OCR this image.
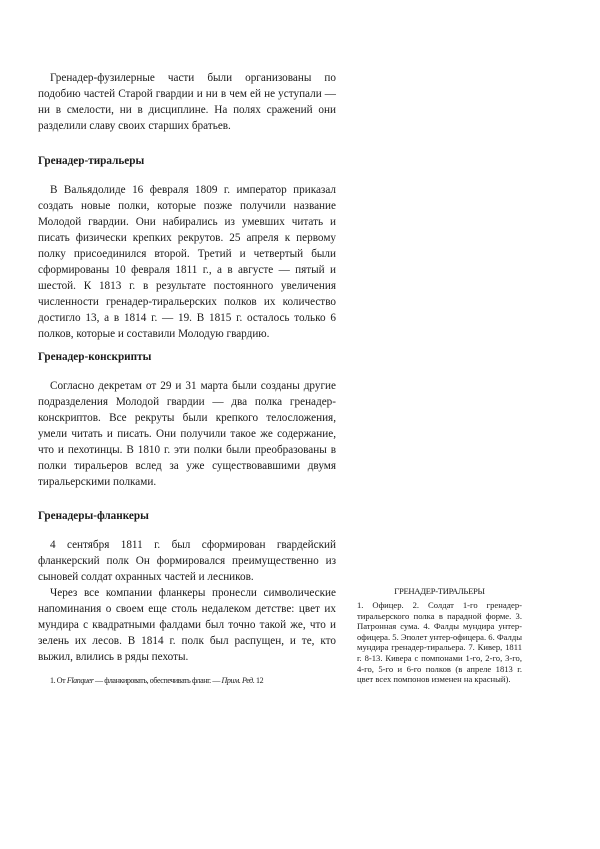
Гренадер-фузилерные части были организованы по подобию частей Старой гвардии и ни в чем ей не уступали — ни в смелости, ни в дисциплине. На полях сражений они разделили славу своих старших братьев.

Гренадер-тиральеры

В Вальядолиде 16 февраля 1809 г. император приказал создать новые полки, которые позже получили название Молодой гвардии. Они набирались из умевших читать и писать физически крепких рекрутов. 25 апреля к первому полку присоединился второй. Третий и четвертый были сформированы 10 февраля 1811 г., а в августе — пятый и шестой. К 1813 г. в результате постоянного увеличения численности гренадер-тиральерских полков их количество достигло 13, а в 1814 г. — 19. В 1815 г. осталось только 6 полков, которые и составили Молодую гвардию.

Гренадер-конскрипты

Согласно декретам от 29 и 31 марта были созданы другие подразделения Молодой гвардии — два полка гренадер-конскриптов. Все рекруты были крепкого телосложения, умели читать и писать. Они получили такое же содержание, что и пехотинцы. В 1810 г. эти полки были преобразованы в полки тиральеров вслед за уже существовавшими двумя тиральерскими полками.

Гренадеры-фланкеры

4 сентября 1811 г. был сформирован гвардейский фланкерский полк Он формировался преимущественно из сыновей солдат охранных частей и лесников.

Через все компании фланкеры пронесли символические напоминания о своем еще столь недалеком детстве: цвет их мундира с квадратными фалдами был точно такой же, что и зелень их лесов. В 1814 г. полк был распущен, и те, кто выжил, влились в ряды пехоты.

1. От Flanquer — фланкировать, обеспечивать фланг. — Прим. Ред. 12

ГРЕНАДЕР-ТИРАЛЬЕРЫ

1. Офицер. 2. Солдат 1-го гренадер-тиральерского полка в парадной форме. 3. Патронная сума. 4. Фалды мундира унтер-офицера. 5. Эполет унтер-офицера. 6. Фалды мундира гренадер-тиральера. 7. Кивер, 1811 г. 8-13. Кивера с помпонами 1-го, 2-го, 3-го, 4-го, 5-го и 6-го полков (в апреле 1813 г. цвет всех помпонов изменен на красный).
